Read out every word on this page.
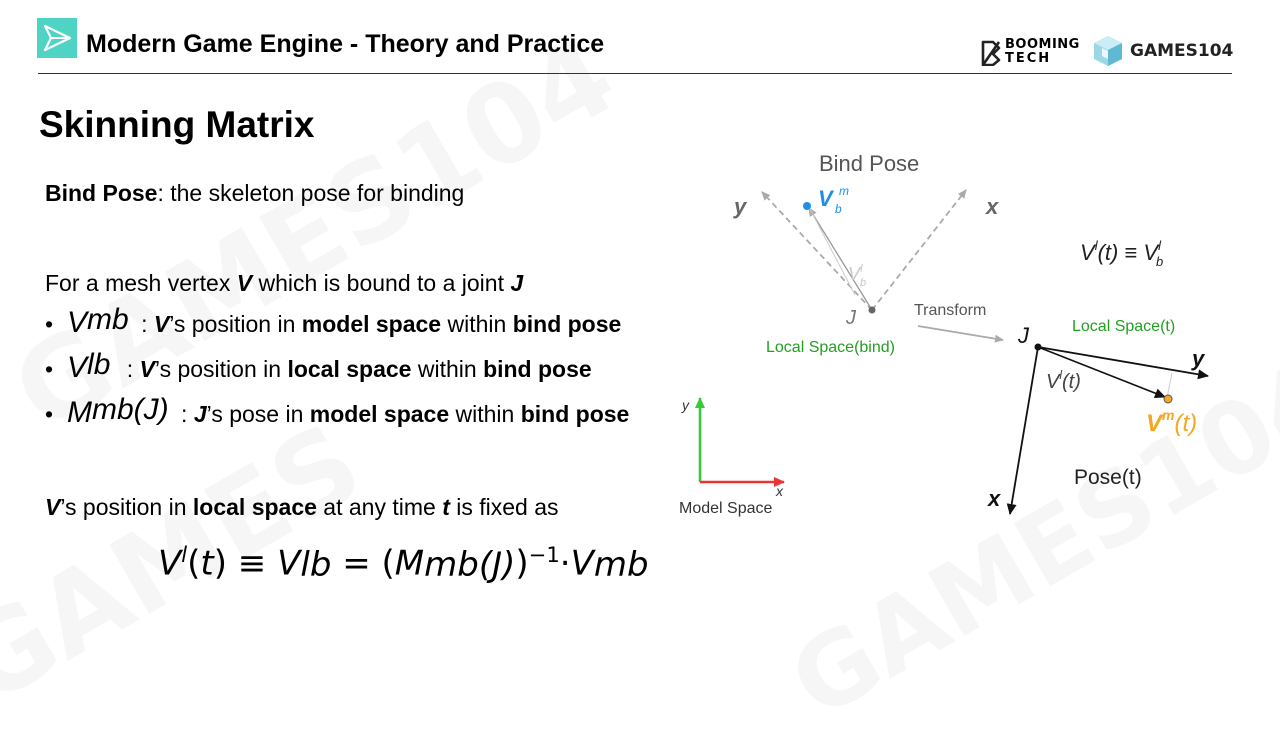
Modern Game Engine - Theory and Practice	BOOMING
TECH	GAMES104
Skinning Matrix
Bind Pose: the skeleton pose for binding
For a mesh vertex V which is bound to a joint J
• Vmb : V’s position in model space within bind pose
• Vlb : V’s position in local space within bind pose
• Mmb(J) : J’s pose in model space within bind pose
V’s position in local space at any time t is fixed as
$V^l(t)$ ≡ Vlb = $(Mmb(J))^{-1}\cdot Vmb$
Bind Pose
y	x
V m
b
$V_bl$
J
Local Space(bind)
$V^l(t) \equiv V^l$ b
Transform
Local Space(t)
J
y
x
$V^l(t)$
$V^m(t)$
Pose(t)
y
x
Model Space
